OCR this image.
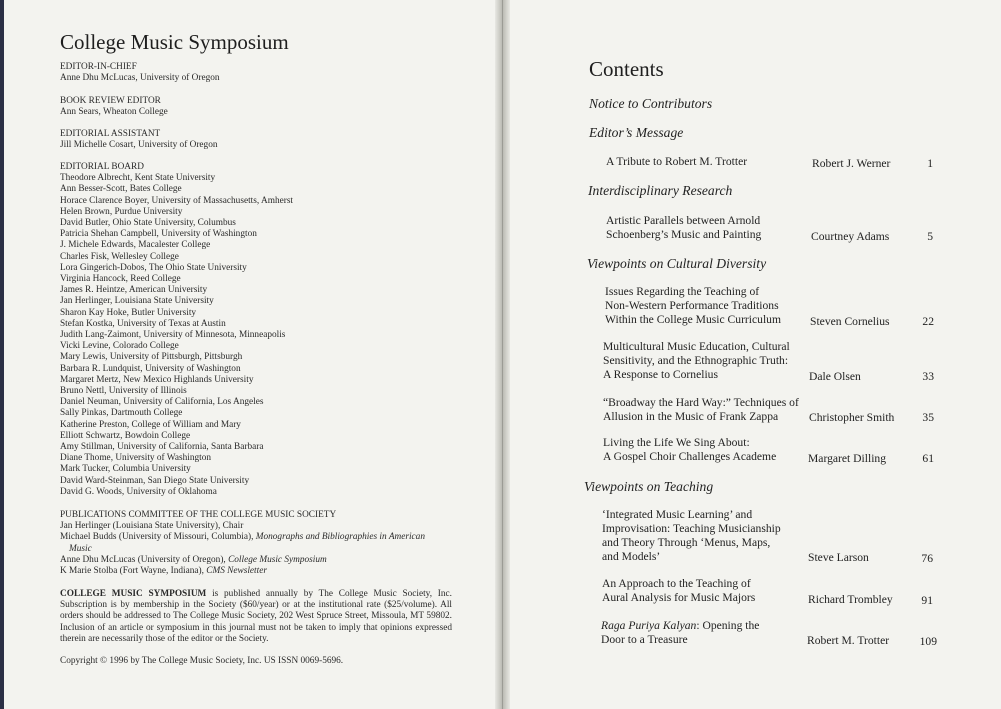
College Music Symposium
EDITOR-IN-CHIEF
Anne Dhu McLucas, University of Oregon
BOOK REVIEW EDITOR
Ann Sears, Wheaton College
EDITORIAL ASSISTANT
Jill Michelle Cosart, University of Oregon
EDITORIAL BOARD
Theodore Albrecht, Kent State University
Ann Besser-Scott, Bates College
Horace Clarence Boyer, University of Massachusetts, Amherst
Helen Brown, Purdue University
David Butler, Ohio State University, Columbus
Patricia Shehan Campbell, University of Washington
J. Michele Edwards, Macalester College
Charles Fisk, Wellesley College
Lora Gingerich-Dobos, The Ohio State University
Virginia Hancock, Reed College
James R. Heintze, American University
Jan Herlinger, Louisiana State University
Sharon Kay Hoke, Butler University
Stefan Kostka, University of Texas at Austin
Judith Lang-Zaimont, University of Minnesota, Minneapolis
Vicki Levine, Colorado College
Mary Lewis, University of Pittsburgh, Pittsburgh
Barbara R. Lundquist, University of Washington
Margaret Mertz, New Mexico Highlands University
Bruno Nettl, University of Illinois
Daniel Neuman, University of California, Los Angeles
Sally Pinkas, Dartmouth College
Katherine Preston, College of William and Mary
Elliott Schwartz, Bowdoin College
Amy Stillman, University of California, Santa Barbara
Diane Thome, University of Washington
Mark Tucker, Columbia University
David Ward-Steinman, San Diego State University
David G. Woods, University of Oklahoma
PUBLICATIONS COMMITTEE OF THE COLLEGE MUSIC SOCIETY
Jan Herlinger (Louisiana State University), Chair
Michael Budds (University of Missouri, Columbia), Monographs and Bibliographies in American
Music
Anne Dhu McLucas (University of Oregon), College Music Symposium
K Marie Stolba (Fort Wayne, Indiana), CMS Newsletter
COLLEGE MUSIC SYMPOSIUM is published annually by The College Music Society, Inc. Subscription is by membership in the Society ($60/year) or at the institutional rate ($25/volume). All orders should be addressed to The College Music Society, 202 West Spruce Street, Missoula, MT 59802. Inclusion of an article or symposium in this journal must not be taken to imply that opinions expressed therein are necessarily those of the editor or the Society.
Copyright © 1996 by The College Music Society, Inc. US ISSN 0069-5696.
Contents
Notice to Contributors
Editor’s Message
A Tribute to Robert M. Trotter	Robert J. Werner	1
Interdisciplinary Research
Artistic Parallels between Arnold
Schoenberg’s Music and Painting	Courtney Adams	5
Viewpoints on Cultural Diversity
Issues Regarding the Teaching of
Non-Western Performance Traditions
Within the College Music Curriculum	Steven Cornelius	22
Multicultural Music Education, Cultural
Sensitivity, and the Ethnographic Truth:
A Response to Cornelius	Dale Olsen	33
“Broadway the Hard Way:” Techniques of
Allusion in the Music of Frank Zappa	Christopher Smith	35
Living the Life We Sing About:
A Gospel Choir Challenges Academe	Margaret Dilling	61
Viewpoints on Teaching
‘Integrated Music Learning’ and
Improvisation: Teaching Musicianship
and Theory Through ‘Menus, Maps,
and Models’	Steve Larson	76
An Approach to the Teaching of
Aural Analysis for Music Majors	Richard Trombley	91
Raga Puriya Kalyan: Opening the
Door to a Treasure	Robert M. Trotter	109
